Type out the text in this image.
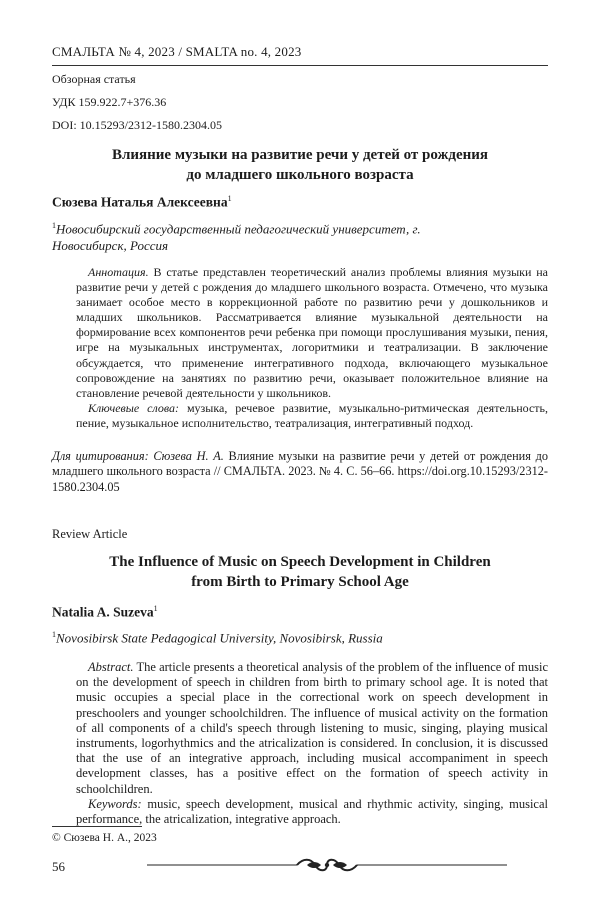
СМАЛЬТА № 4, 2023 / SMALTA no. 4, 2023
Обзорная статья
УДК 159.922.7+376.36
DOI: 10.15293/2312-1580.2304.05
Влияние музыки на развитие речи у детей от рождения
до младшего школьного возраста
Сюзева Наталья Алексеевна$^1$
$^1$Новосибирский государственный педагогический университет, г. Новосибирск, Россия

Аннотация. В статье представлен теоретический анализ проблемы влияния музыки на развитие речи у детей с рождения до младшего школьного возраста. Отмечено, что музыка занимает особое место в коррекционной работе по развитию речи у дошкольников и младших школьников. Рассматривается влияние музыкальной деятельности на формирование всех компонентов речи ребенка при помощи прослушивания музыки, пения, игре на музыкальных инструментах, логоритмики и театрализации. В заключение обсуждается, что применение интегративного подхода, включающего музыкальное сопровождение на занятиях по развитию речи, оказывает положительное влияние на становление речевой деятельности у школьников.

Ключевые слова: музыка, речевое развитие, музыкально-ритмическая деятельность, пение, музыкальное исполнительство, театрализация, интегративный подход.

Для цитирования: Сюзева Н. А. Влияние музыки на развитие речи у детей от рождения до младшего школьного возраста // СМАЛЬТА. 2023. № 4. С. 56–66. https://doi.org.10.15293/2312-1580.2304.05
Review Article
The Influence of Music on Speech Development in Children
from Birth to Primary School Age
Natalia A. Suzeva$^1$
$^1$Novosibirsk State Pedagogical University, Novosibirsk, Russia

Abstract. The article presents a theoretical analysis of the problem of the influence of music on the development of speech in children from birth to primary school age. It is noted that music occupies a special place in the correctional work on speech development in preschoolers and younger schoolchildren. The influence of musical activity on the formation of all components of a child's speech through listening to music, singing, playing musical instruments, logorhythmics and the atricalization is considered. In conclusion, it is discussed that the use of an integrative approach, including musical accompaniment in speech development classes, has a positive effect on the formation of speech activity in schoolchildren.

Keywords: music, speech development, musical and rhythmic activity, singing, musical performance, the atricalization, integrative approach.

© Сюзева Н. А., 2023
56
